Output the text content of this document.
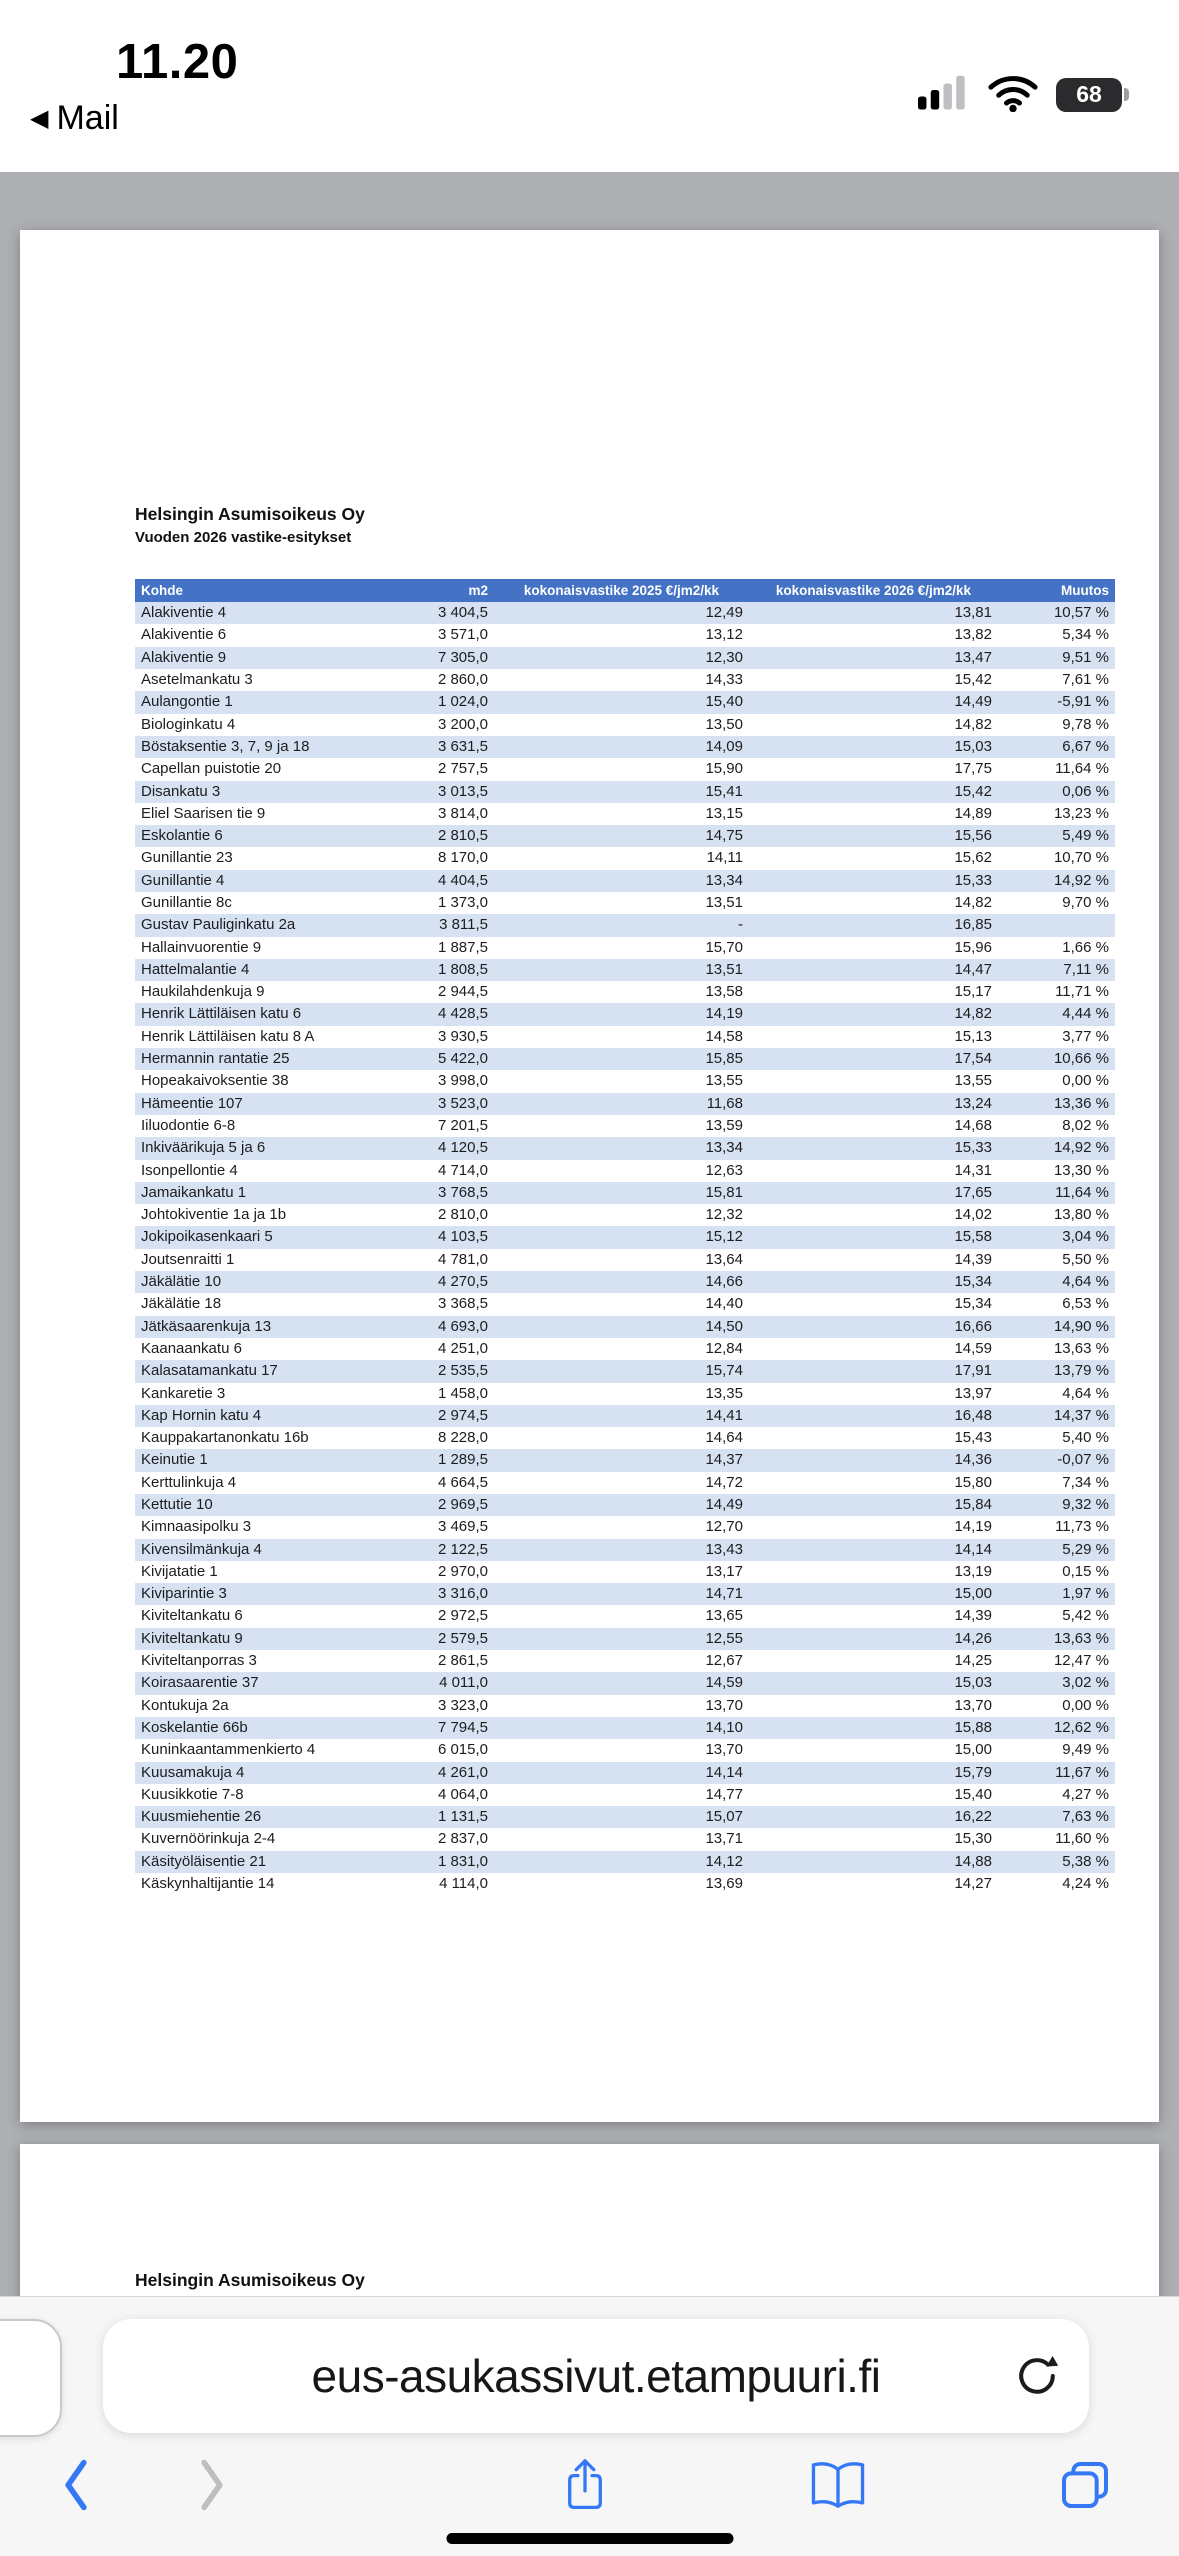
11.20
◀ Mail
68
Helsingin Asumisoikeus Oy
Vuoden 2026 vastike-esitykset
Kohde	m2	kokonaisvastike 2025 €/jm2/kk	kokonaisvastike 2026 €/jm2/kk	Muutos
Alakiventie 4	3 404,5	12,49	13,81	10,57 %
Alakiventie 6	3 571,0	13,12	13,82	5,34 %
Alakiventie 9	7 305,0	12,30	13,47	9,51 %
Asetelmankatu 3	2 860,0	14,33	15,42	7,61 %
Aulangontie 1	1 024,0	15,40	14,49	-5,91 %
Biologinkatu 4	3 200,0	13,50	14,82	9,78 %
Böstaksentie 3, 7, 9 ja 18	3 631,5	14,09	15,03	6,67 %
Capellan puistotie 20	2 757,5	15,90	17,75	11,64 %
Disankatu 3	3 013,5	15,41	15,42	0,06 %
Eliel Saarisen tie 9	3 814,0	13,15	14,89	13,23 %
Eskolantie 6	2 810,5	14,75	15,56	5,49 %
Gunillantie 23	8 170,0	14,11	15,62	10,70 %
Gunillantie 4	4 404,5	13,34	15,33	14,92 %
Gunillantie 8c	1 373,0	13,51	14,82	9,70 %
Gustav Pauliginkatu 2a	3 811,5	-	16,85	
Hallainvuorentie 9	1 887,5	15,70	15,96	1,66 %
Hattelmalantie 4	1 808,5	13,51	14,47	7,11 %
Haukilahdenkuja 9	2 944,5	13,58	15,17	11,71 %
Henrik Lättiläisen katu 6	4 428,5	14,19	14,82	4,44 %
Henrik Lättiläisen katu 8 A	3 930,5	14,58	15,13	3,77 %
Hermannin rantatie 25	5 422,0	15,85	17,54	10,66 %
Hopeakaivoksentie 38	3 998,0	13,55	13,55	0,00 %
Hämeentie 107	3 523,0	11,68	13,24	13,36 %
Iiluodontie 6-8	7 201,5	13,59	14,68	8,02 %
Inkiväärikuja 5 ja 6	4 120,5	13,34	15,33	14,92 %
Isonpellontie 4	4 714,0	12,63	14,31	13,30 %
Jamaikankatu 1	3 768,5	15,81	17,65	11,64 %
Johtokiventie 1a ja 1b	2 810,0	12,32	14,02	13,80 %
Jokipoikasenkaari 5	4 103,5	15,12	15,58	3,04 %
Joutsenraitti 1	4 781,0	13,64	14,39	5,50 %
Jäkälätie 10	4 270,5	14,66	15,34	4,64 %
Jäkälätie 18	3 368,5	14,40	15,34	6,53 %
Jätkäsaarenkuja 13	4 693,0	14,50	16,66	14,90 %
Kaanaankatu 6	4 251,0	12,84	14,59	13,63 %
Kalasatamankatu 17	2 535,5	15,74	17,91	13,79 %
Kankaretie 3	1 458,0	13,35	13,97	4,64 %
Kap Hornin katu 4	2 974,5	14,41	16,48	14,37 %
Kauppakartanonkatu 16b	8 228,0	14,64	15,43	5,40 %
Keinutie 1	1 289,5	14,37	14,36	-0,07 %
Kerttulinkuja 4	4 664,5	14,72	15,80	7,34 %
Kettutie 10	2 969,5	14,49	15,84	9,32 %
Kimnaasipolku 3	3 469,5	12,70	14,19	11,73 %
Kivensilmänkuja 4	2 122,5	13,43	14,14	5,29 %
Kivijatatie 1	2 970,0	13,17	13,19	0,15 %
Kiviparintie 3	3 316,0	14,71	15,00	1,97 %
Kiviteltankatu 6	2 972,5	13,65	14,39	5,42 %
Kiviteltankatu 9	2 579,5	12,55	14,26	13,63 %
Kiviteltanporras 3	2 861,5	12,67	14,25	12,47 %
Koirasaarentie 37	4 011,0	14,59	15,03	3,02 %
Kontukuja 2a	3 323,0	13,70	13,70	0,00 %
Koskelantie 66b	7 794,5	14,10	15,88	12,62 %
Kuninkaantammenkierto 4	6 015,0	13,70	15,00	9,49 %
Kuusamakuja 4	4 261,0	14,14	15,79	11,67 %
Kuusikkotie 7-8	4 064,0	14,77	15,40	4,27 %
Kuusmiehentie 26	1 131,5	15,07	16,22	7,63 %
Kuvernöörinkuja 2-4	2 837,0	13,71	15,30	11,60 %
Käsityöläisentie 21	1 831,0	14,12	14,88	5,38 %
Käskynhaltijantie 14	4 114,0	13,69	14,27	4,24 %
Helsingin Asumisoikeus Oy
eus-asukassivut.etampuuri.fi
